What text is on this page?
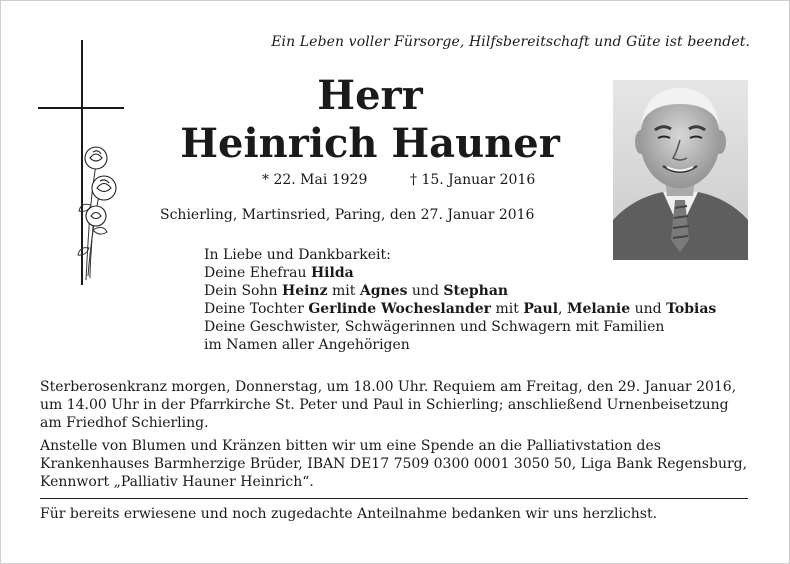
Ein Leben voller Fürsorge, Hilfsbereitschaft und Güte ist beendet.
Herr
Heinrich Hauner
* 22. Mai 1929	† 15. Januar 2016
Schierling, Martinsried, Paring, den 27. Januar 2016
In Liebe und Dankbarkeit:
Deine Ehefrau Hilda
Dein Sohn Heinz mit Agnes und Stephan
Deine Tochter Gerlinde Wocheslander mit Paul, Melanie und Tobias
Deine Geschwister, Schwägerinnen und Schwagern mit Familien
im Namen aller Angehörigen
Sterberosenkranz morgen, Donnerstag, um 18.00 Uhr. Requiem am Freitag, den 29. Januar 2016, um 14.00 Uhr in der Pfarrkirche St. Peter und Paul in Schierling; anschließend Urnenbeisetzung am Friedhof Schierling.
Anstelle von Blumen und Kränzen bitten wir um eine Spende an die Palliativstation des Krankenhauses Barmherzige Brüder, IBAN DE17 7509 0300 0001 3050 50, Liga Bank Regensburg, Kennwort „Palliativ Hauner Heinrich“.
Für bereits erwiesene und noch zugedachte Anteilnahme bedanken wir uns herzlichst.
